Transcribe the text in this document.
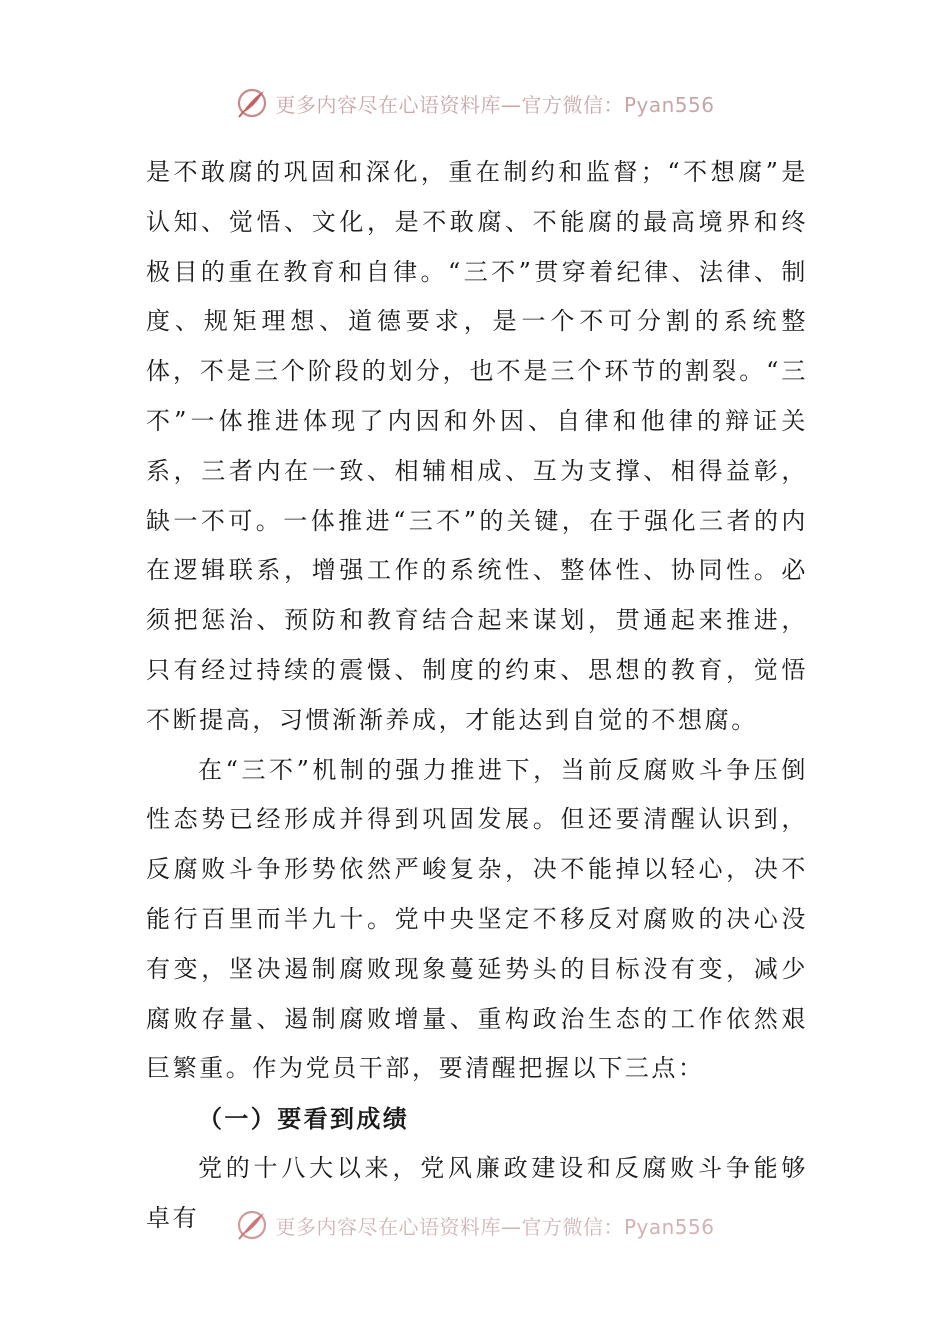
更多内容尽在心语资料库—官方微信：Pyan556

是不敢腐的巩固和深化，重在制约和监督；“不想腐”是认知、觉悟、文化，是不敢腐、不能腐的最高境界和终极目的重在教育和自律。“三不”贯穿着纪律、法律、制度、规矩理想、道德要求，是一个不可分割的系统整体，不是三个阶段的划分，也不是三个环节的割裂。“三不”一体推进体现了内因和外因、自律和他律的辩证关系，三者内在一致、相辅相成、互为支撑、相得益彰，缺一不可。一体推进“三不”的关键，在于强化三者的内在逻辑联系，增强工作的系统性、整体性、协同性。必须把惩治、预防和教育结合起来谋划，贯通起来推进，只有经过持续的震慑、制度的约束、思想的教育，觉悟不断提高，习惯渐渐养成，才能达到自觉的不想腐。

在“三不”机制的强力推进下，当前反腐败斗争压倒性态势已经形成并得到巩固发展。但还要清醒认识到，反腐败斗争形势依然严峻复杂，决不能掉以轻心，决不能行百里而半九十。党中央坚定不移反对腐败的决心没有变，坚决遏制腐败现象蔓延势头的目标没有变，减少腐败存量、遏制腐败增量、重构政治生态的工作依然艰巨繁重。作为党员干部，要清醒把握以下三点：

（一）要看到成绩

党的十八大以来，党风廉政建设和反腐败斗争能够卓有	更多内容尽在心语资料库—官方微信：Pyan556
